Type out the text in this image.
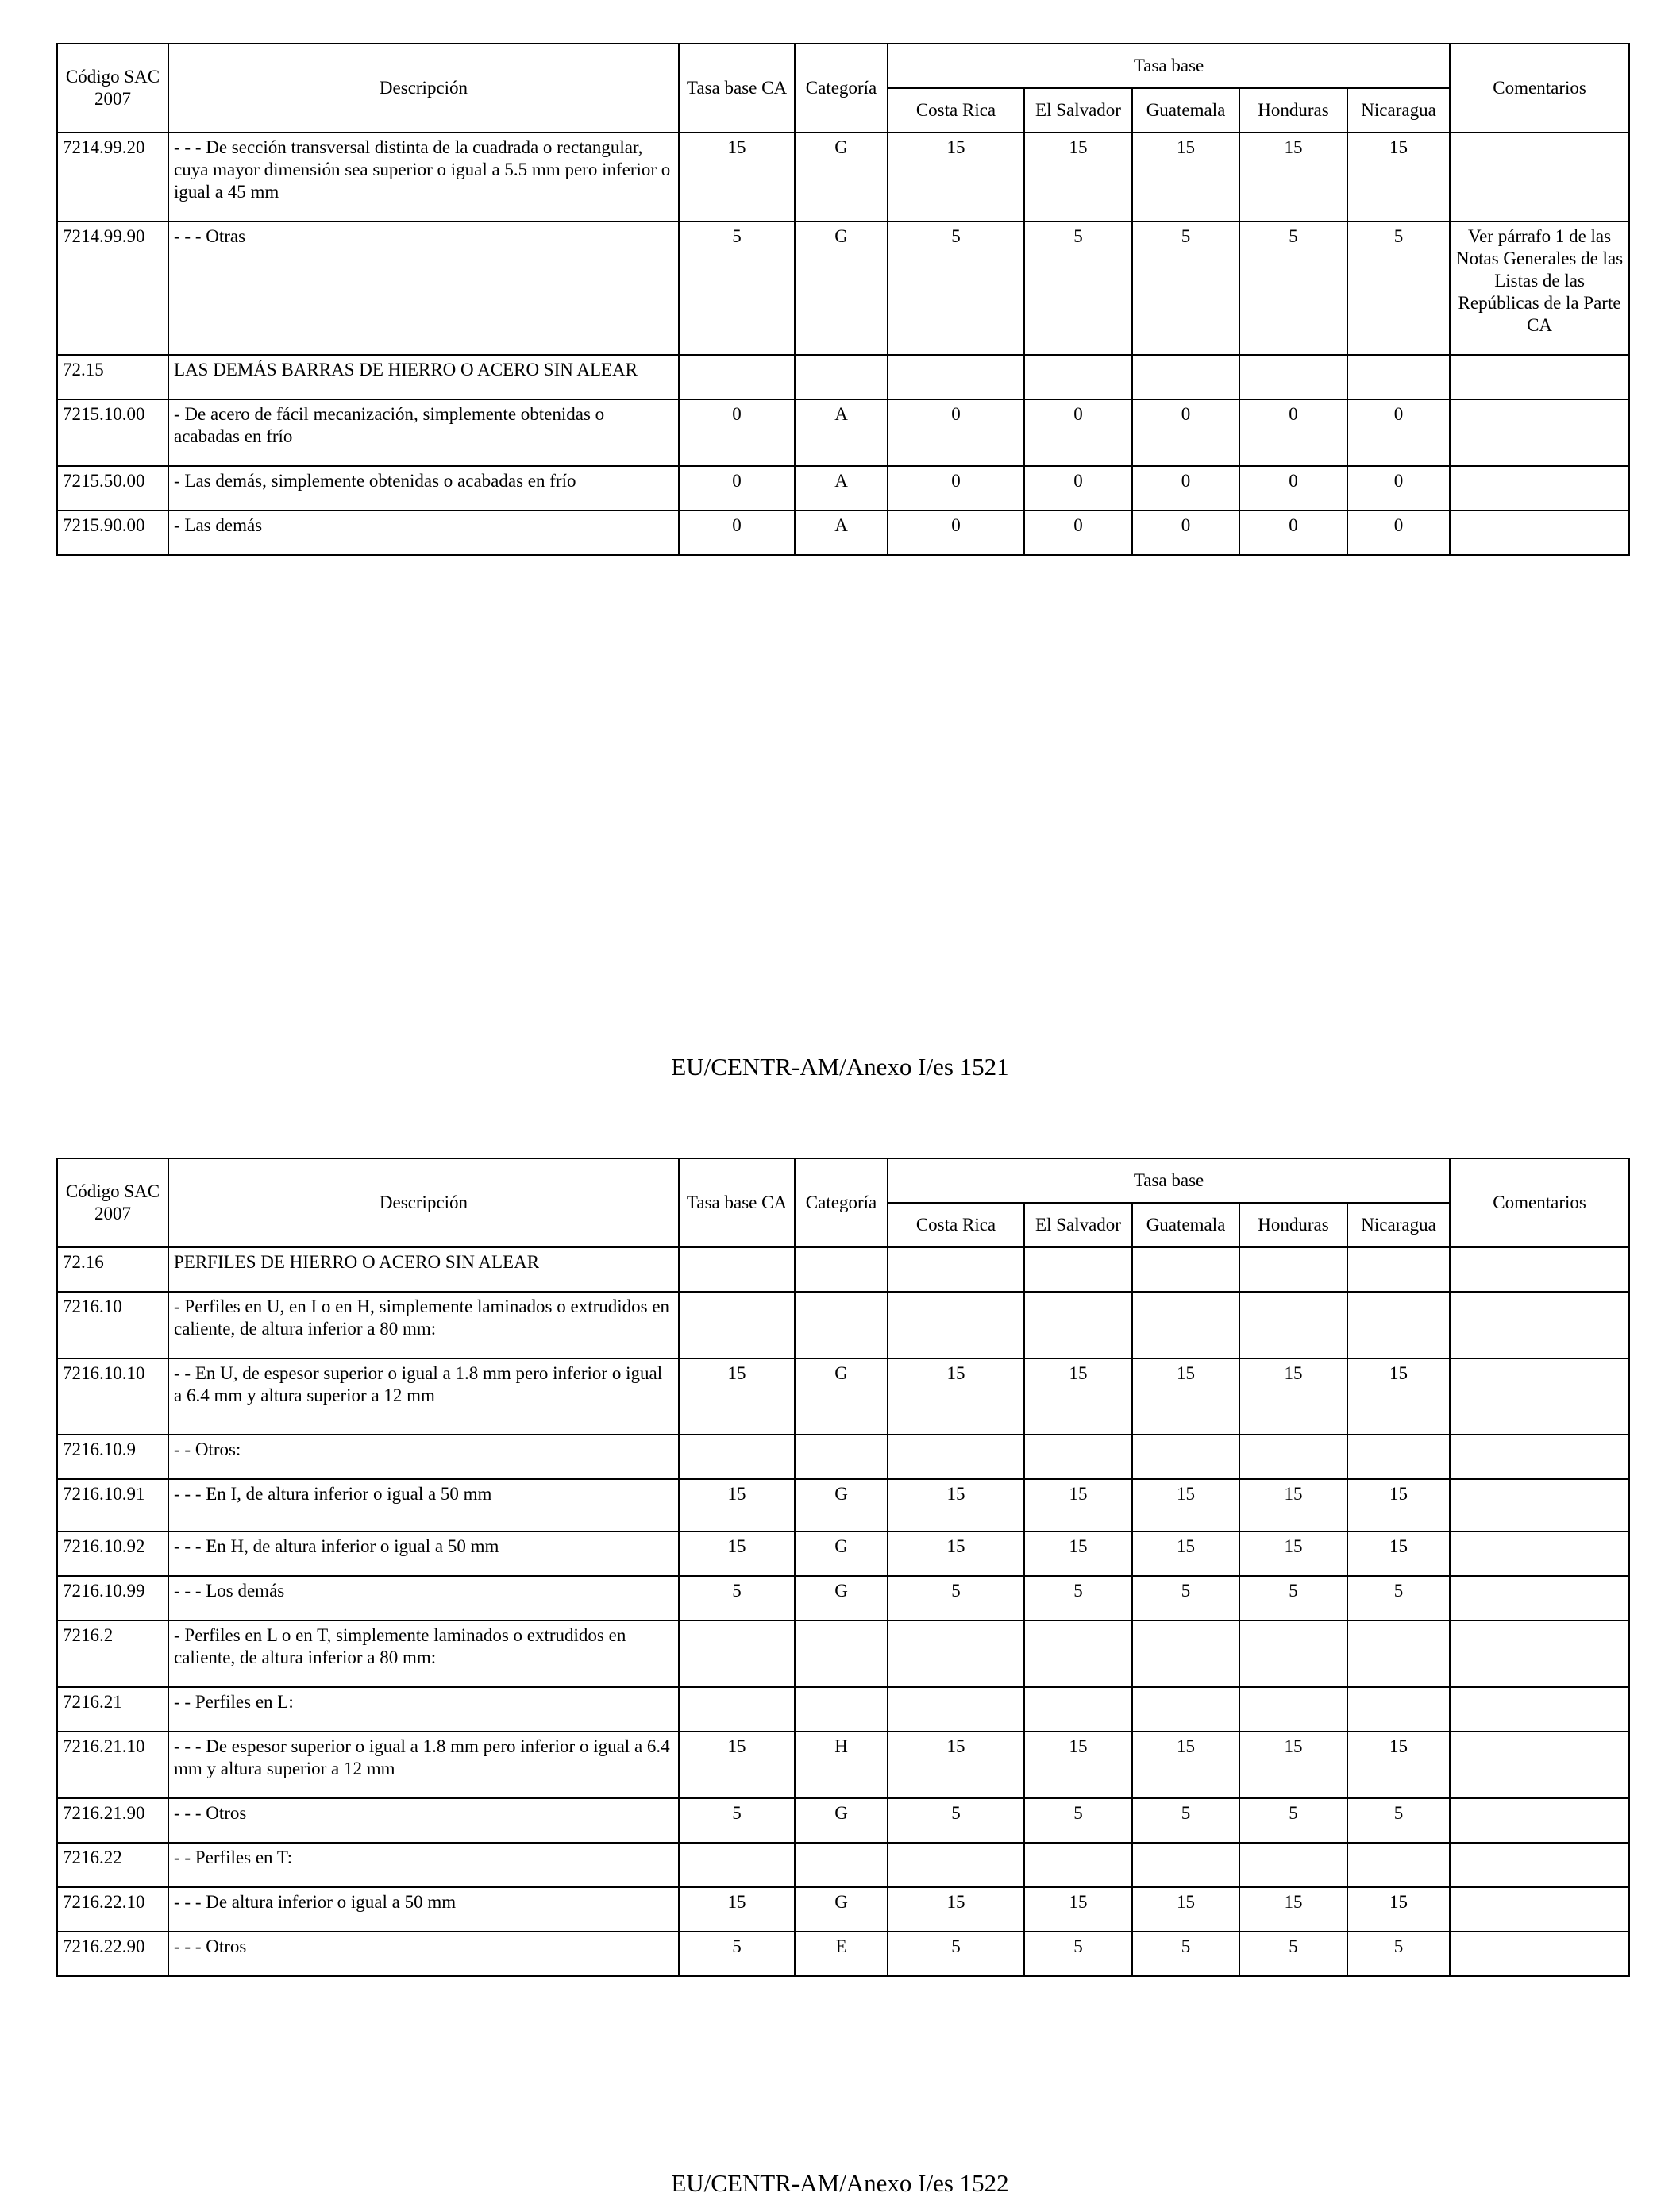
Código SAC 2007	Descripción	Tasa base CA	Categoría	Tasa base					Comentarios
				Costa Rica	El Salvador	Guatemala	Honduras	Nicaragua	
7214.99.20	- - - De sección transversal distinta de la cuadrada o rectangular, cuya mayor dimensión sea superior o igual a 5.5 mm pero inferior o igual a 45 mm	15	G	15	15	15	15	15	
7214.99.90	- - - Otras	5	G	5	5	5	5	5	Ver párrafo 1 de las Notas Generales de las Listas de las Repúblicas de la Parte CA
72.15	LAS DEMÁS BARRAS DE HIERRO O ACERO SIN ALEAR								
7215.10.00	- De acero de fácil mecanización, simplemente obtenidas o acabadas en frío	0	A	0	0	0	0	0	
7215.50.00	- Las demás, simplemente obtenidas o acabadas en frío	0	A	0	0	0	0	0	
7215.90.00	- Las demás	0	A	0	0	0	0	0	
EU/CENTR-AM/Anexo I/es 1521
Código SAC 2007	Descripción	Tasa base CA	Categoría	Tasa base					Comentarios
				Costa Rica	El Salvador	Guatemala	Honduras	Nicaragua	
72.16	PERFILES DE HIERRO O ACERO SIN ALEAR								
7216.10	- Perfiles en U, en I o en H, simplemente laminados o extrudidos en caliente, de altura inferior a 80 mm:								
7216.10.10	- - En U, de espesor superior o igual a 1.8 mm pero inferior o igual a 6.4 mm y altura superior a 12 mm	15	G	15	15	15	15	15	
7216.10.9	- - Otros:								
7216.10.91	- - - En I, de altura inferior o igual a 50 mm	15	G	15	15	15	15	15	
7216.10.92	- - - En H, de altura inferior o igual a 50 mm	15	G	15	15	15	15	15	
7216.10.99	- - - Los demás	5	G	5	5	5	5	5	
7216.2	- Perfiles en L o en T, simplemente laminados o extrudidos en caliente, de altura inferior a 80 mm:								
7216.21	- - Perfiles en L:								
7216.21.10	- - - De espesor superior o igual a 1.8 mm pero inferior o igual a 6.4 mm y altura superior a 12 mm	15	H	15	15	15	15	15	
7216.21.90	- - - Otros	5	G	5	5	5	5	5	
7216.22	- - Perfiles en T:								
7216.22.10	- - - De altura inferior o igual a 50 mm	15	G	15	15	15	15	15	
7216.22.90	- - - Otros	5	E	5	5	5	5	5	
EU/CENTR-AM/Anexo I/es 1522
